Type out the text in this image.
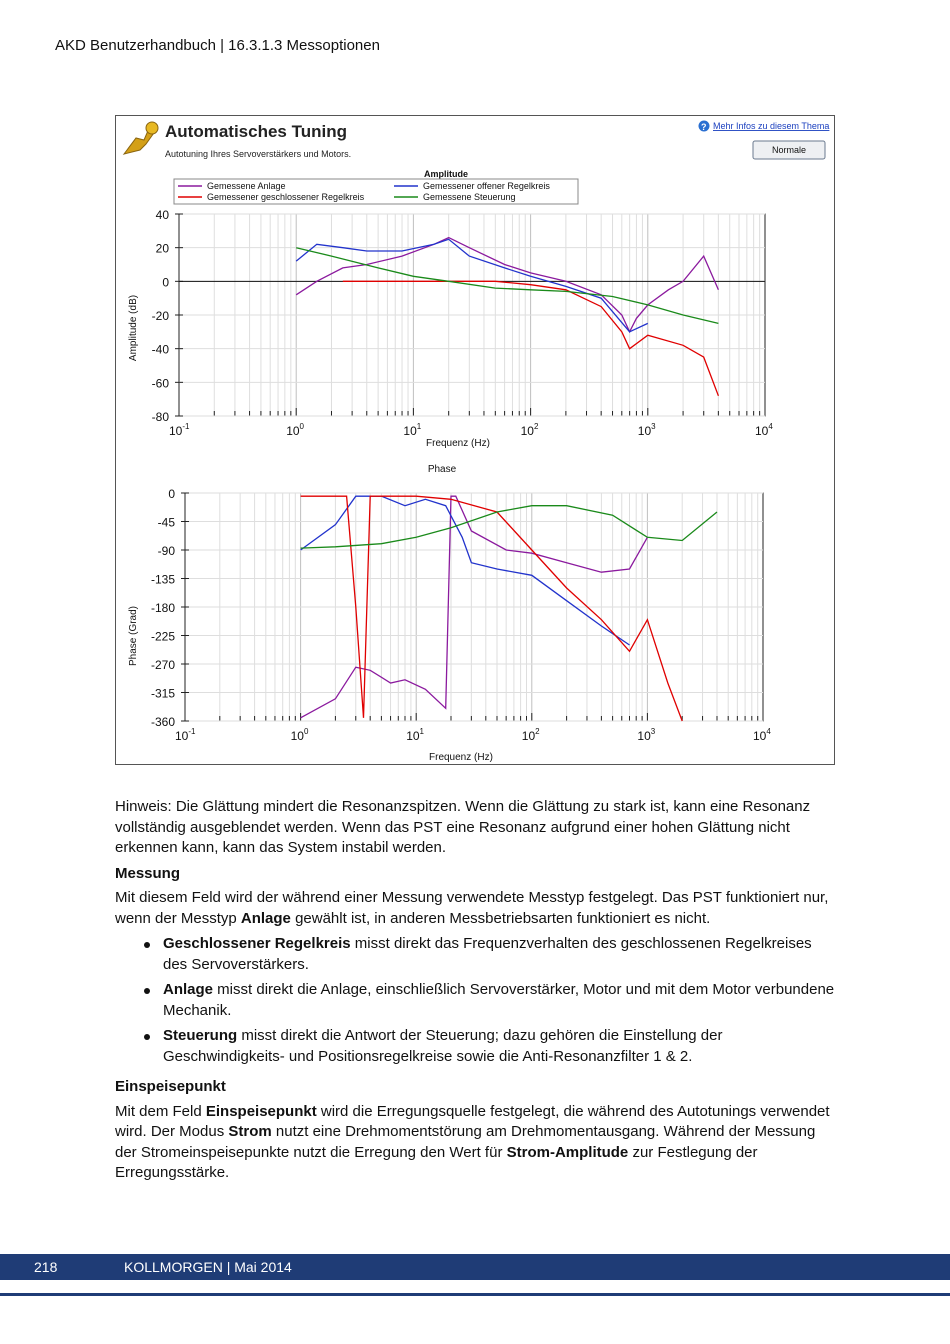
AKD Benutzerhandbuch | 16.3.1.3 Messoptionen
Automatisches Tuning
Autotuning Ihres Servoverstärkers und Motors.
? Mehr Infos zu diesem Thema
Normale
Amplitude
Gemessene Anlage	Gemessener offener Regelkreis
Gemessener geschlossener Regelkreis	Gemessene Steuerung
40
20
0
-20
-40
-60
-80
$10^{-1}$	$10^0$	$10^1$	$10^2$	$10^3$	$10^4$
Frequenz (Hz)
Amplitude (dB)
Phase
0
-45
-90
-135
-180
-225
-270
-315
-360
$10^{-1}$	$10^0$	$10^1$	$10^2$	$10^3$	$10^4$
Frequenz (Hz)
Phase (Grad)

Hinweis: Die Glättung mindert die Resonanzspitzen. Wenn die Glättung zu stark ist, kann eine Resonanz vollständig ausgeblendet werden. Wenn das PST eine Resonanz aufgrund einer hohen Glättung nicht erkennen kann, kann das System instabil werden.

Messung

Mit diesem Feld wird der während einer Messung verwendete Messtyp festgelegt. Das PST funktioniert nur, wenn der Messtyp Anlage gewählt ist, in anderen Messbetriebsarten funktioniert es nicht.

Geschlossener Regelkreis misst direkt das Frequenzverhalten des geschlossenen Regelkreises des Servoverstärkers.
Anlage misst direkt die Anlage, einschließlich Servoverstärker, Motor und mit dem Motor verbundene Mechanik.
Steuerung misst direkt die Antwort der Steuerung; dazu gehören die Einstellung der Geschwindigkeits- und Positionsregelkreise sowie die Anti-Resonanzfilter 1 & 2.
Einspeisepunkt

Mit dem Feld Einspeisepunkt wird die Erregungsquelle festgelegt, die während des Autotunings verwendet wird. Der Modus Strom nutzt eine Drehmomentstörung am Drehmomentausgang. Während der Messung der Stromeinspeisepunkte nutzt die Erregung den Wert für Strom-Amplitude zur Festlegung der Erregungsstärke.

218	KOLLMORGEN | Mai 2014
